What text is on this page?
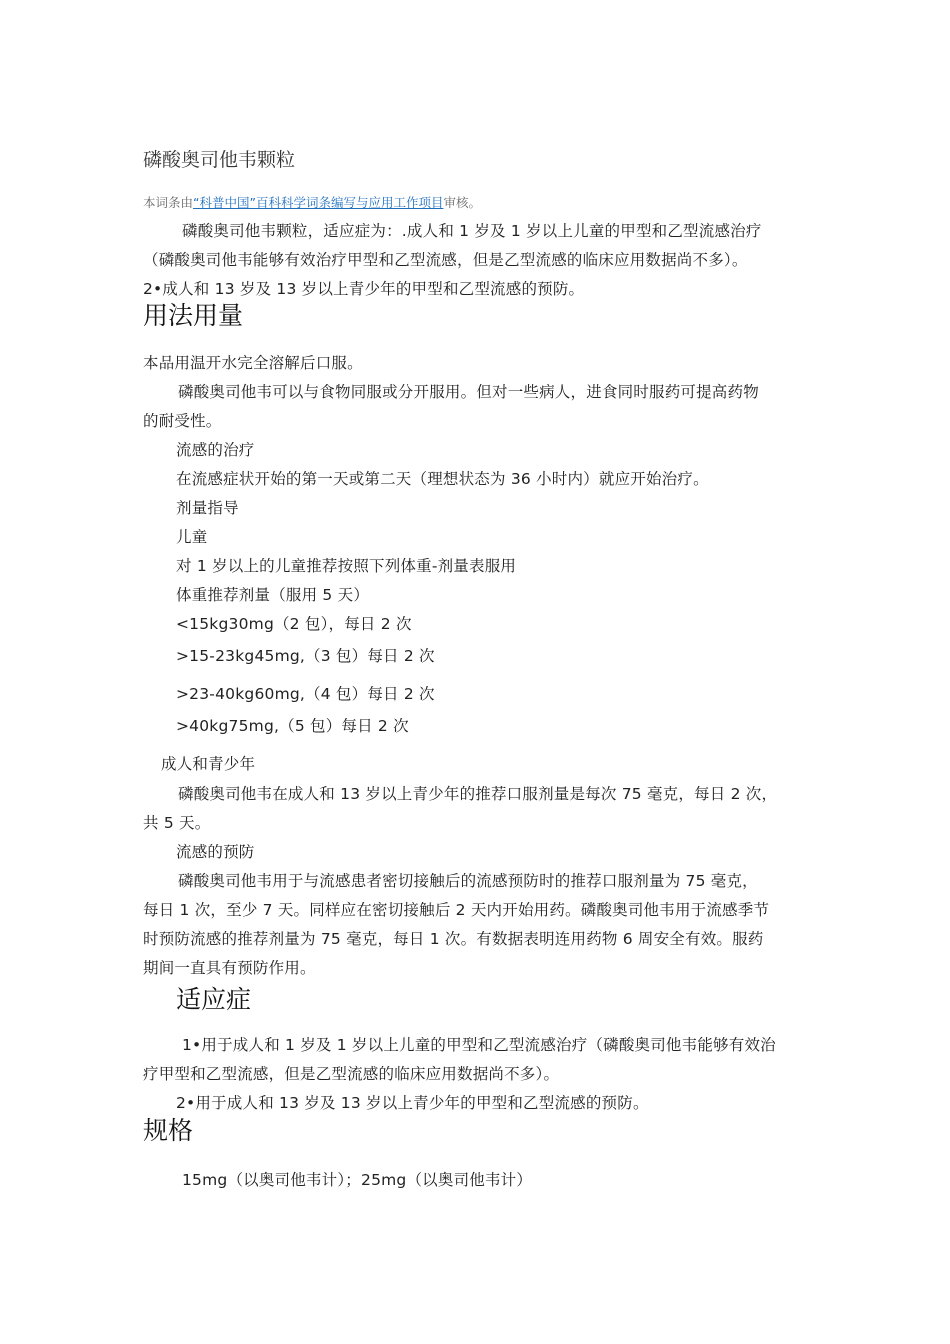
磷酸奥司他韦颗粒
本词条由“科普中国”百科科学词条编写与应用工作项目审核。
磷酸奥司他韦颗粒，适应症为：.成人和 1 岁及 1 岁以上儿童的甲型和乙型流感治疗
（磷酸奥司他韦能够有效治疗甲型和乙型流感，但是乙型流感的临床应用数据尚不多）。
2•成人和 13 岁及 13 岁以上青少年的甲型和乙型流感的预防。
用法用量
本品用温开水完全溶解后口服。
磷酸奥司他韦可以与食物同服或分开服用。但对一些病人，进食同时服药可提高药物
的耐受性。
流感的治疗
在流感症状开始的第一天或第二天（理想状态为 36 小时内）就应开始治疗。
剂量指导
儿童
对 1 岁以上的儿童推荐按照下列体重-剂量表服用
体重推荐剂量（服用 5 天）
<15kg30mg（2 包），每日 2 次
>15-23kg45mg,（3 包）每日 2 次
>23-40kg60mg,（4 包）每日 2 次
>40kg75mg,（5 包）每日 2 次
成人和青少年
磷酸奥司他韦在成人和 13 岁以上青少年的推荐口服剂量是每次 75 毫克，每日 2 次，
共 5 天。
流感的预防
磷酸奥司他韦用于与流感患者密切接触后的流感预防时的推荐口服剂量为 75 毫克，
每日 1 次，至少 7 天。同样应在密切接触后 2 天内开始用药。磷酸奥司他韦用于流感季节
时预防流感的推荐剂量为 75 毫克，每日 1 次。有数据表明连用药物 6 周安全有效。服药
期间一直具有预防作用。
适应症
1•用于成人和 1 岁及 1 岁以上儿童的甲型和乙型流感治疗（磷酸奥司他韦能够有效治
疗甲型和乙型流感，但是乙型流感的临床应用数据尚不多）。
2•用于成人和 13 岁及 13 岁以上青少年的甲型和乙型流感的预防。
规格
15mg（以奥司他韦计）；25mg（以奥司他韦计）
